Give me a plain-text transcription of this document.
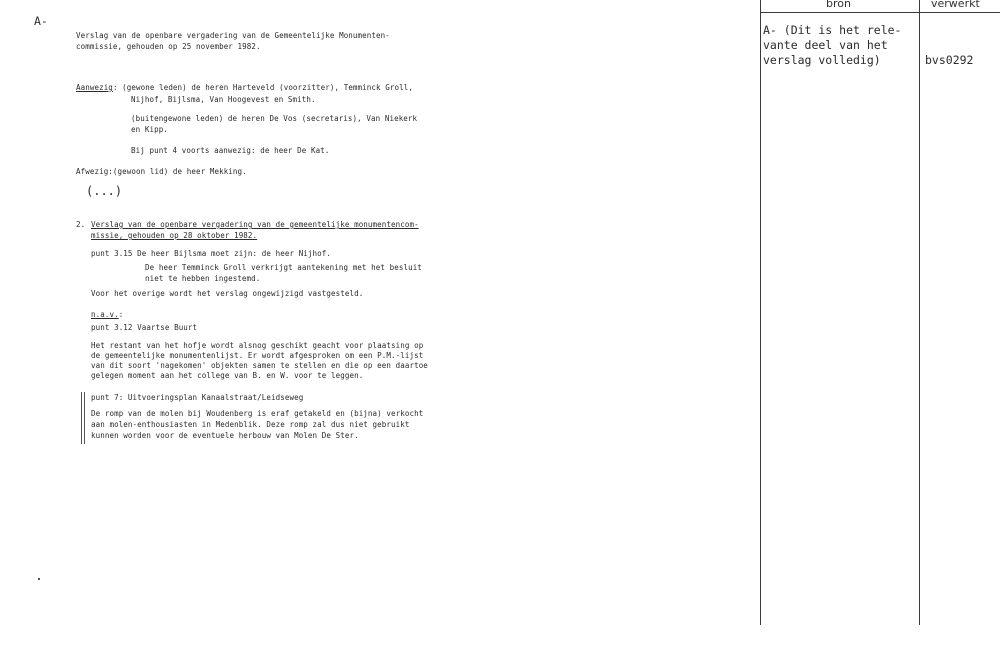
A-
bron	verwerkt
A- (Dit is het rele-
vante deel van het
verslag volledig)	bvs0292
Verslag van de openbare vergadering van de Gemeentelijke Monumenten-
commissie, gehouden op 25 november 1982.
Aanwezig: (gewone leden) de heren Harteveld (voorzitter), Temminck Groll,
Nijhof, Bijlsma, Van Hoogevest en Smith.
(buitengewone leden) de heren De Vos (secretaris), Van Niekerk
en Kipp.
Bij punt 4 voorts aanwezig: de heer De Kat.
Afwezig:(gewoon lid) de heer Mekking.
(...)
2. Verslag van de openbare vergadering van de gemeentelijke monumentencom-
missie, gehouden op 28 oktober 1982.
punt 3.15 De heer Bijlsma moet zijn: de heer Nijhof.
De heer Temminck Groll verkrijgt aantekening met het besluit
niet te hebben ingestemd.
Voor het overige wordt het verslag ongewijzigd vastgesteld.
n.a.v.:
punt 3.12 Vaartse Buurt
Het restant van het hofje wordt alsnog geschikt geacht voor plaatsing op
de gemeentelijke monumentenlijst. Er wordt afgesproken om een P.M.-lijst
van dit soort 'nagekomen' objekten samen te stellen en die op een daartoe
gelegen moment aan het college van B. en W. voor te leggen.
punt 7: Uitvoeringsplan Kanaalstraat/Leidseweg
De romp van de molen bij Woudenberg is eraf getakeld en (bijna) verkocht
aan molen-enthousiasten in Medenblik. Deze romp zal dus niet gebruikt
kunnen worden voor de eventuele herbouw van Molen De Ster.
